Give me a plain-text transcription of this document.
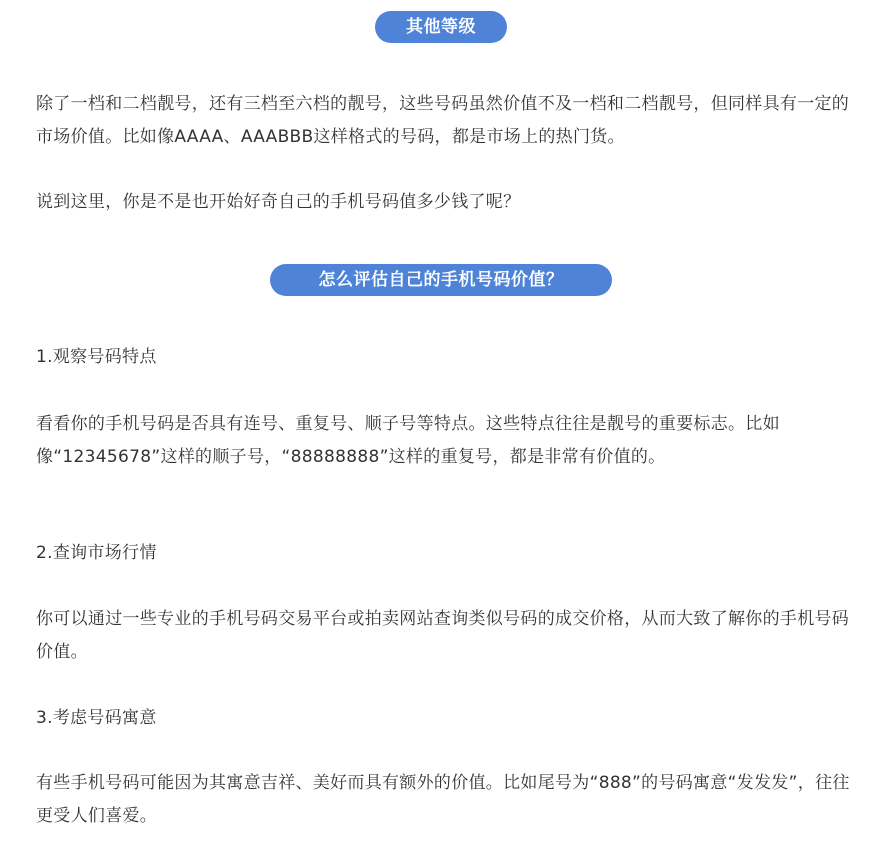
其他等级

除了一档和二档靓号，还有三档至六档的靓号，这些号码虽然价值不及一档和二档靓号，但同样具有一定的市场价值。比如像AAAA、AAABBB这样格式的号码，都是市场上的热门货。

说到这里，你是不是也开始好奇自己的手机号码值多少钱了呢？

怎么评估自己的手机号码价值？

1.观察号码特点

看看你的手机号码是否具有连号、重复号、顺子号等特点。这些特点往往是靓号的重要标志。比如像“12345678”这样的顺子号，“88888888”这样的重复号，都是非常有价值的。

2.查询市场行情

你可以通过一些专业的手机号码交易平台或拍卖网站查询类似号码的成交价格，从而大致了解你的手机号码价值。

3.考虑号码寓意

有些手机号码可能因为其寓意吉祥、美好而具有额外的价值。比如尾号为“888”的号码寓意“发发发”，往往更受人们喜爱。
